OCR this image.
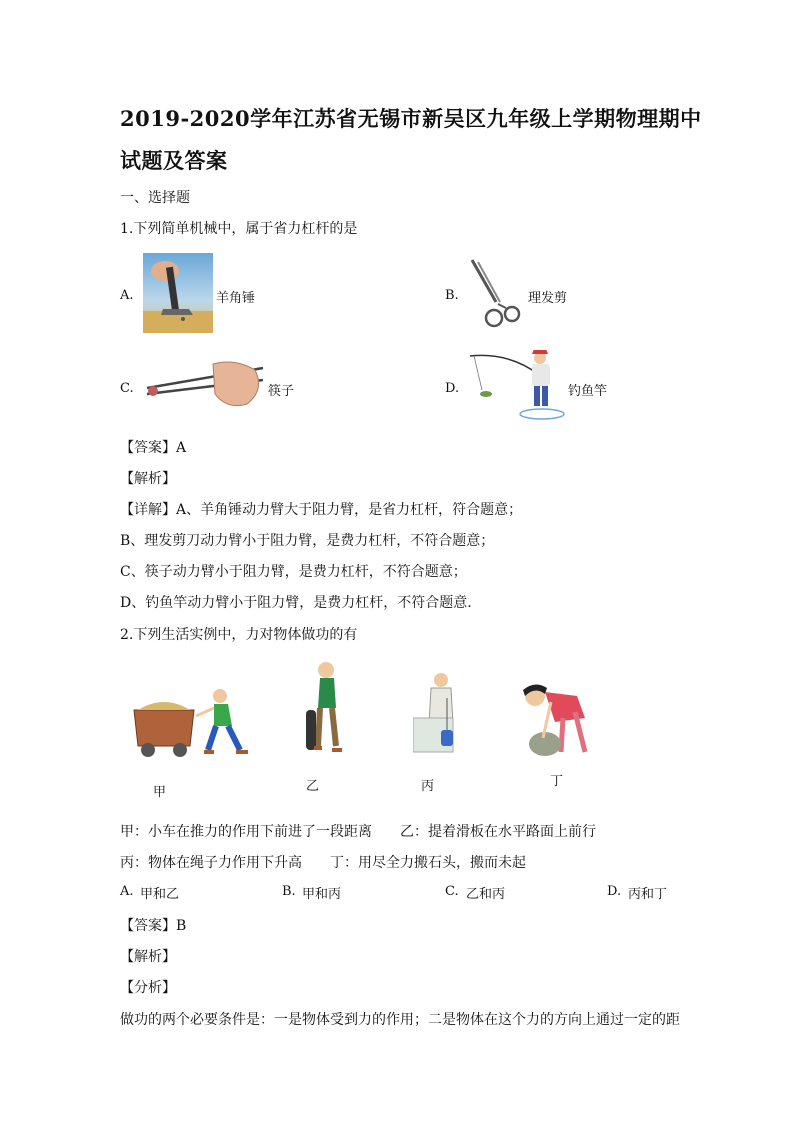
2019-2020学年江苏省无锡市新吴区九年级上学期物理期中
试题及答案
一、选择题
1.下列简单机械中，属于省力杠杆的是
A.	羊角锤	B.	理发剪
C.	筷子	D.	钓鱼竿
【答案】A
【解析】
【详解】A、羊角锤动力臂大于阻力臂，是省力杠杆，符合题意；
B、理发剪刀动力臂小于阻力臂，是费力杠杆，不符合题意；
C、筷子动力臂小于阻力臂，是费力杠杆，不符合题意；
D、钓鱼竿动力臂小于阻力臂，是费力杠杆，不符合题意.
2.下列生活实例中，力对物体做功的有
甲	乙	丙	丁
甲：小车在推力的作用下前进了一段距离 乙：提着滑板在水平路面上前行
丙：物体在绳子力作用下升高 丁：用尽全力搬石头，搬而未起
A. 甲和乙	B. 甲和丙	C. 乙和丙	D. 丙和丁
【答案】B
【解析】
【分析】
做功的两个必要条件是：一是物体受到力的作用；二是物体在这个力的方向上通过一定的距
